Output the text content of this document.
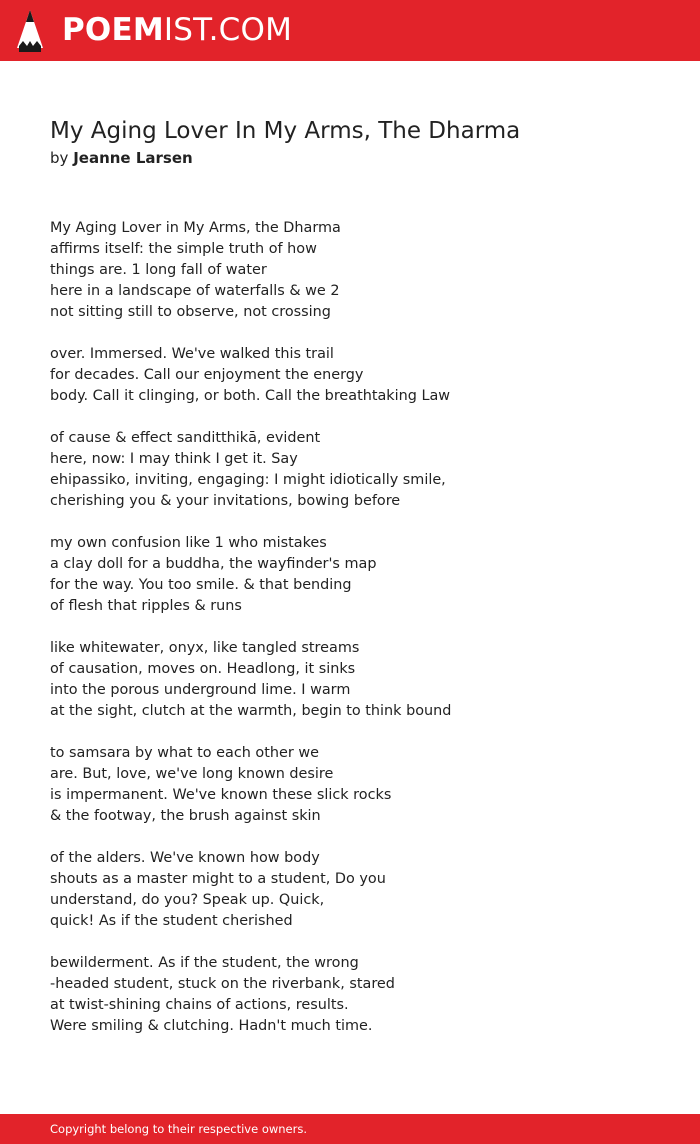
POEMIST.COM
My Aging Lover In My Arms, The Dharma
by Jeanne Larsen
My Aging Lover in My Arms, the Dharma
affirms itself: the simple truth of how
things are. 1 long fall of water
here in a landscape of waterfalls & we 2
not sitting still to observe, not crossing
over. Immersed. We've walked this trail
for decades. Call our enjoyment the energy
body. Call it clinging, or both. Call the breathtaking Law
of cause & effect sanditthikā, evident
here, now: I may think I get it. Say
ehipassiko, inviting, engaging: I might idiotically smile,
cherishing you & your invitations, bowing before
my own confusion like 1 who mistakes
a clay doll for a buddha, the wayfinder's map
for the way. You too smile. & that bending
of flesh that ripples & runs
like whitewater, onyx, like tangled streams
of causation, moves on. Headlong, it sinks
into the porous underground lime. I warm
at the sight, clutch at the warmth, begin to think bound
to samsara by what to each other we
are. But, love, we've long known desire
is impermanent. We've known these slick rocks
& the footway, the brush against skin
of the alders. We've known how body
shouts as a master might to a student, Do you
understand, do you? Speak up. Quick,
quick! As if the student cherished
bewilderment. As if the student, the wrong
-headed student, stuck on the riverbank, stared
at twist-shining chains of actions, results.
Were smiling & clutching. Hadn't much time.
Copyright belong to their respective owners.
